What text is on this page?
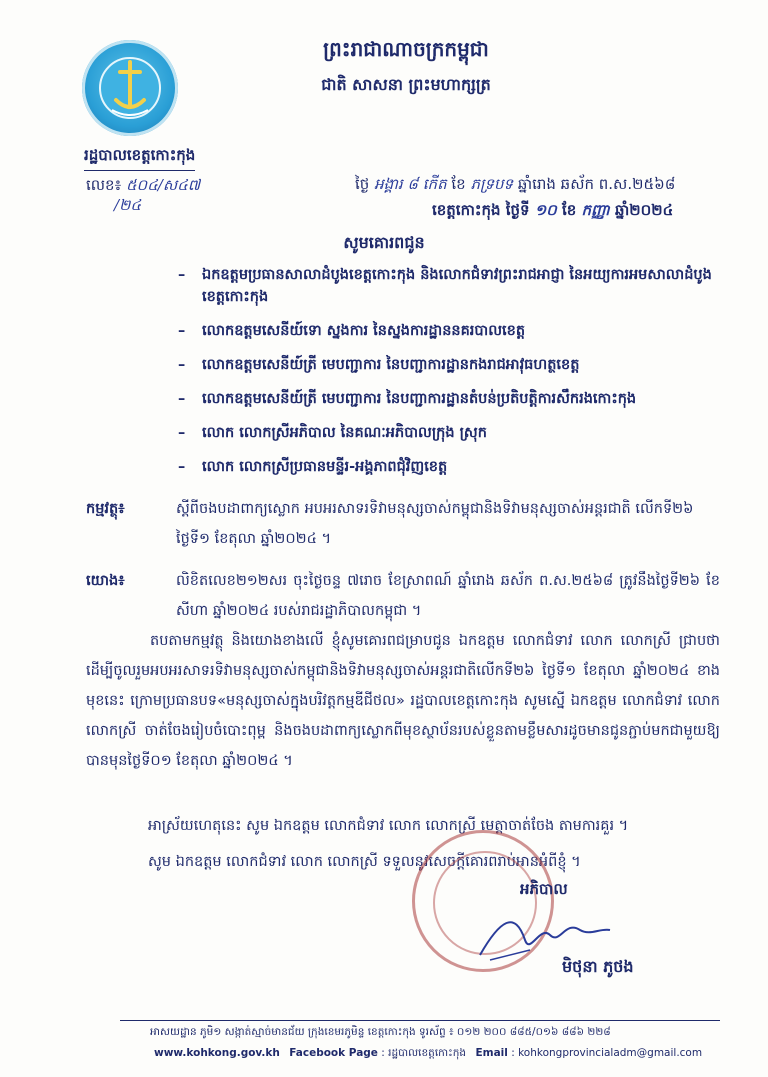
ព្រះរាជាណាចក្រកម្ពុជា
ជាតិ សាសនា ព្រះមហាក្សត្រ
រដ្ឋបាលខេត្តកោះកុង
លេខ៖ ៥០៤/ស៤៧
/២៤
ថ្ងៃ អង្គារ ៨ កើត ខែ ភទ្របទ ឆ្នាំរោង ឆស័ក ព.ស.២៥៦៨
ខេត្តកោះកុង ថ្ងៃទី ១០ ខែ កញ្ញា ឆ្នាំ២០២៤
សូមគោរពជូន
–	ឯកឧត្តមប្រធានសាលាដំបូងខេត្តកោះកុង និងលោកជំទាវព្រះរាជអាជ្ញា នៃអយ្យការអមសាលាដំបូងខេត្តកោះកុង
–	លោកឧត្តមសេនីយ៍ទោ ស្នងការ នៃស្នងការដ្ឋាននគរបាលខេត្ត
–	លោកឧត្តមសេនីយ៍ត្រី មេបញ្ជាការ នៃបញ្ជាការដ្ឋានកងរាជអាវុធហត្ថខេត្ត
–	លោកឧត្តមសេនីយ៍ត្រី មេបញ្ជាការ នៃបញ្ជាការដ្ឋានតំបន់ប្រតិបត្តិការសឹករងកោះកុង
–	លោក លោកស្រីអភិបាល នៃគណៈអភិបាលក្រុង ស្រុក
–	លោក លោកស្រីប្រធានមន្ទីរ-អង្គភាពជុំវិញខេត្ត
កម្មវត្ថុ៖	ស្តីពីចងបដាពាក្យស្លោក អបអរសាទរទិវាមនុស្សចាស់កម្ពុជានិងទិវាមនុស្សចាស់អន្តរជាតិ លើកទី២៦ ថ្ងៃទី១ ខែតុលា ឆ្នាំ២០២៤ ។
យោង៖	លិខិតលេខ២១២សរ ចុះថ្ងៃចន្ទ ៧រោច ខែស្រាពណ៍ ឆ្នាំរោង ឆស័ក ព.ស.២៥៦៨ ត្រូវនឹងថ្ងៃទី២៦ ខែសីហា ឆ្នាំ២០២៤ របស់រាជរដ្ឋាភិបាលកម្ពុជា ។

តបតាមកម្មវត្ថុ និងយោងខាងលើ ខ្ញុំសូមគោរពជម្រាបជូន ឯកឧត្តម លោកជំទាវ លោក លោកស្រី ជ្រាបថា ដើម្បីចូលរួមអបអរសាទរទិវាមនុស្សចាស់កម្ពុជានិងទិវាមនុស្សចាស់អន្តរជាតិលើកទី២៦ ថ្ងៃទី១ ខែតុលា ឆ្នាំ២០២៤ ខាងមុខនេះ ក្រោមប្រធានបទ«មនុស្សចាស់ក្នុងបរិវត្តកម្មឌីជីថល» រដ្ឋបាលខេត្តកោះកុង សូមស្នើ ឯកឧត្តម លោកជំទាវ លោក លោកស្រី ចាត់ចែងរៀបចំបោះពុម្ព និងចងបដាពាក្យស្លោកពីមុខស្ថាប័នរបស់ខ្លួនតាមខ្លឹមសារដូចមានជូនភ្ជាប់មកជាមួយឱ្យបានមុនថ្ងៃទី០១ ខែតុលា ឆ្នាំ២០២៤ ។

អាស្រ័យហេតុនេះ សូម ឯកឧត្តម លោកជំទាវ លោក លោកស្រី មេត្តាចាត់ចែង តាមការគួរ ។
សូម ឯកឧត្តម លោកជំទាវ លោក លោកស្រី ទទួលនូវសេចក្តីគោរពរាប់អានអំពីខ្ញុំ ។
អភិបាល
មិថុនា ភូថង
អាសយដ្ឋាន ភូមិ១ សង្កាត់ស្មាច់មានជ័យ ក្រុងខេមរភូមិន្ទ ខេត្តកោះកុង ទូរស័ព្ទ ៖ ០១២ ២០០ ៨៨៥/០១៦ ៨៨៦ ២២៨
www.kohkong.gov.kh Facebook Page : រដ្ឋបាលខេត្តកោះកុង Email : kohkongprovincialadm@gmail.com
